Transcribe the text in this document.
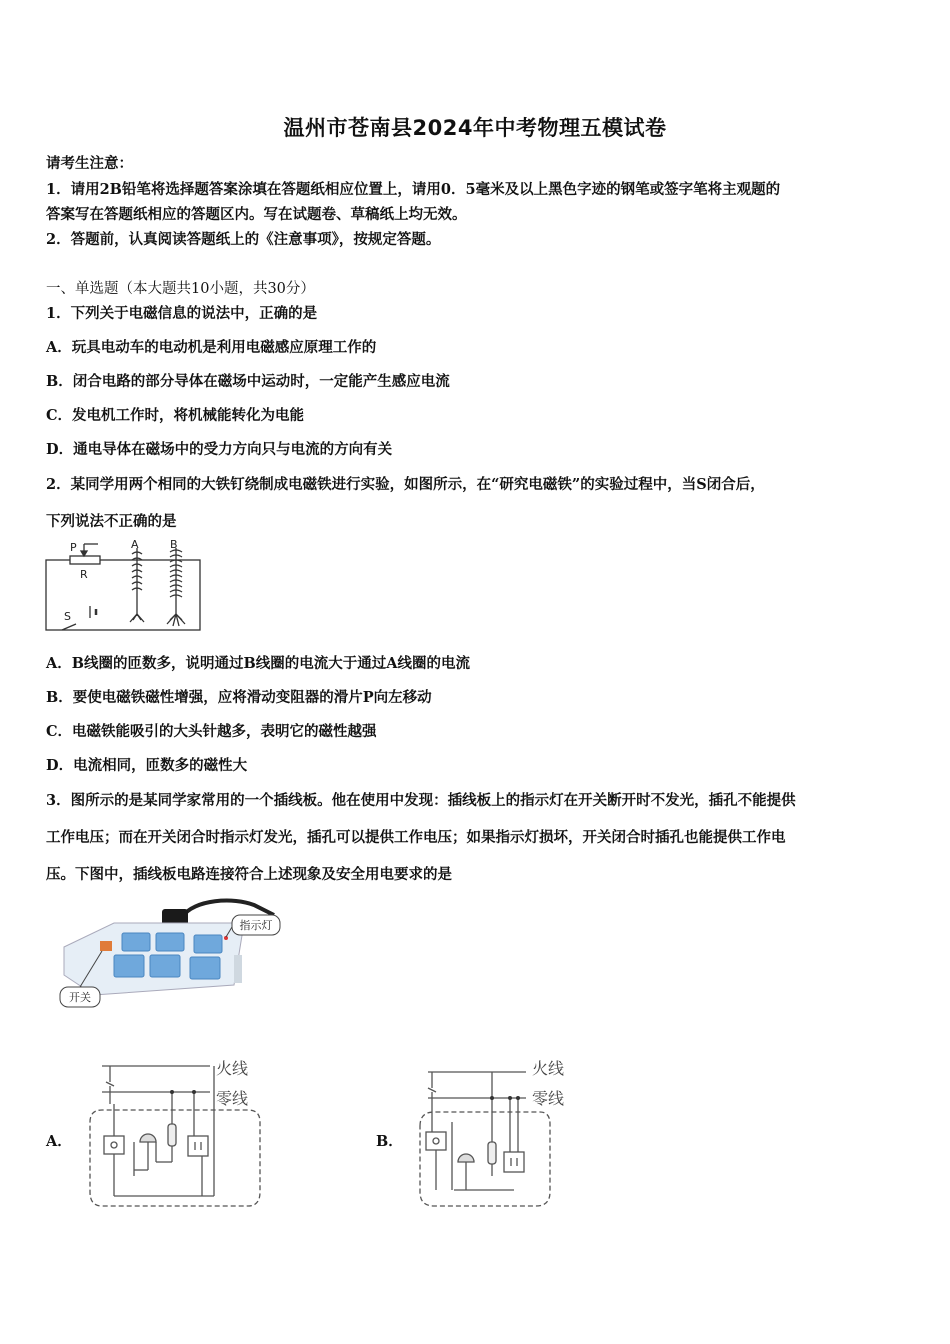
温州市苍南县2024年中考物理五模试卷
请考生注意：
1．请用2B铅笔将选择题答案涂填在答题纸相应位置上，请用0．5毫米及以上黑色字迹的钢笔或签字笔将主观题的
答案写在答题纸相应的答题区内。写在试题卷、草稿纸上均无效。
2．答题前，认真阅读答题纸上的《注意事项》，按规定答题。
一、单选题（本大题共10小题，共30分）
1．下列关于电磁信息的说法中，正确的是
A．玩具电动车的电动机是利用电磁感应原理工作的
B．闭合电路的部分导体在磁场中运动时，一定能产生感应电流
C．发电机工作时，将机械能转化为电能
D．通电导体在磁场中的受力方向只与电流的方向有关
2．某同学用两个相同的大铁钉绕制成电磁铁进行实验，如图所示，在“研究电磁铁”的实验过程中，当S闭合后，
下列说法不正确的是
P
R
S
A	B
A．B线圈的匝数多，说明通过B线圈的电流大于通过A线圈的电流
B．要使电磁铁磁性增强，应将滑动变阻器的滑片P向左移动
C．电磁铁能吸引的大头针越多，表明它的磁性越强
D．电流相同，匝数多的磁性大
3．图所示的是某同学家常用的一个插线板。他在使用中发现：插线板上的指示灯在开关断开时不发光，插孔不能提供
工作电压；而在开关闭合时指示灯发光，插孔可以提供工作电压；如果指示灯损坏，开关闭合时插孔也能提供工作电
压。下图中，插线板电路连接符合上述现象及安全用电要求的是
指示灯
开关
A．
火线
零线
B．
火线
零线
